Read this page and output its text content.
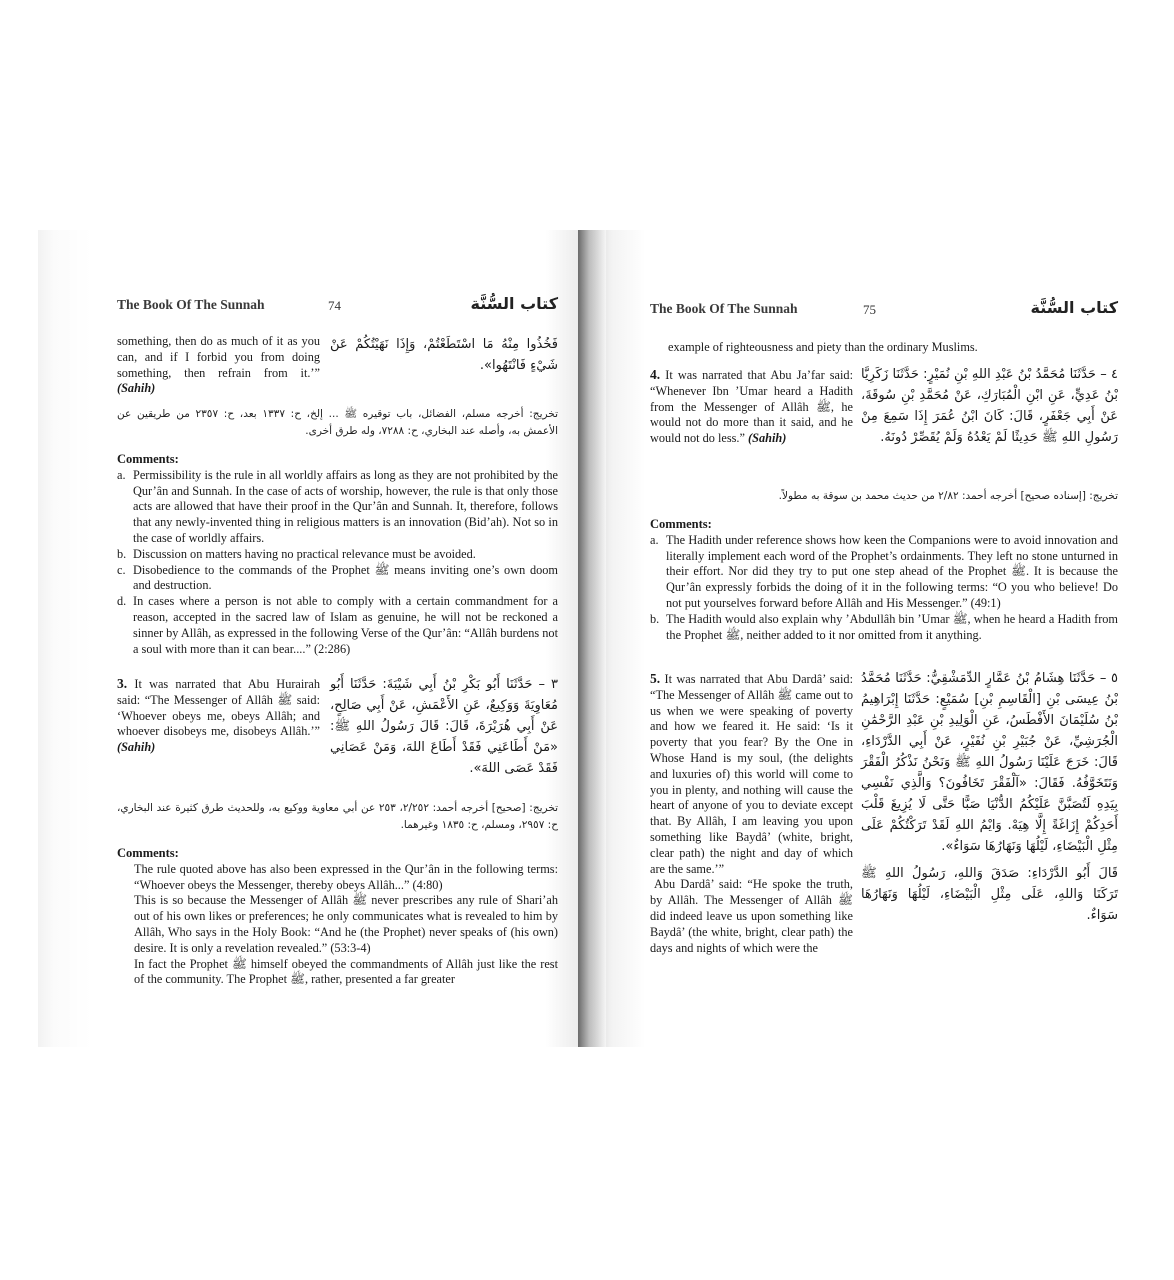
The Book Of The Sunnah	74	كتاب السُّنَّة
something, then do as much of it as you can, and if I forbid you from doing something, then refrain from it.’” (Sahih)
فَخُذُوا مِنْهُ مَا اسْتَطَعْتُمْ، وَإِذَا نَهَيْتُكُمْ عَنْ شَيْءٍ فَانْتَهُوا».
تخريج: أخرجه مسلم، الفضائل، باب توقيره ﷺ ... إلخ، ح: ١٣٣٧ بعد، ح: ٢٣٥٧ من طريقين عن الأعمش به، وأصله عند البخاري، ح: ٧٢٨٨، وله طرق أخرى.
Comments:
a. Permissibility is the rule in all worldly affairs as long as they are not prohibited by the Qur’ân and Sunnah. In the case of acts of worship, however, the rule is that only those acts are allowed that have their proof in the Qur’ân and Sunnah. It, therefore, follows that any newly-invented thing in religious matters is an innovation (Bid’ah). Not so in the case of worldly affairs.
b. Discussion on matters having no practical relevance must be avoided.
c. Disobedience to the commands of the Prophet ﷺ means inviting one’s own doom and destruction.
d. In cases where a person is not able to comply with a certain commandment for a reason, accepted in the sacred law of Islam as genuine, he will not be reckoned a sinner by Allâh, as expressed in the following Verse of the Qur’ân: “Allâh burdens not a soul with more than it can bear....” (2:286)
3. It was narrated that Abu Hurairah said: “The Messenger of Allâh ﷺ said: ‘Whoever obeys me, obeys Allâh; and whoever disobeys me, disobeys Allâh.’” (Sahih)
٣ – حَدَّثَنَا أَبُو بَكْرِ بْنُ أَبِي شَيْبَةَ: حَدَّثَنَا أَبُو مُعَاوِيَةَ وَوَكِيعٌ، عَنِ الأَعْمَشِ، عَنْ أَبِي صَالِحٍ، عَنْ أَبِي هُرَيْرَةَ، قَالَ: قَالَ رَسُولُ اللهِ ﷺ: «مَنْ أَطَاعَنِي فَقَدْ أَطَاعَ اللهَ، وَمَنْ عَصَانِي فَقَدْ عَصَى اللهَ».
تخريج: [صحيح] أخرجه أحمد: ٢/٢٥٢، ٢٥٣ عن أبي معاوية ووكيع به، وللحديث طرق كثيرة عند البخاري، ح: ٢٩٥٧، ومسلم، ح: ١٨٣٥ وغيرهما.
Comments:

The rule quoted above has also been expressed in the Qur’ân in the following terms: “Whoever obeys the Messenger, thereby obeys Allâh...” (4:80)

This is so because the Messenger of Allâh ﷺ never prescribes any rule of Shari’ah out of his own likes or preferences; he only communicates what is revealed to him by Allâh, Who says in the Holy Book: “And he (the Prophet) never speaks of (his own) desire. It is only a revelation revealed.” (53:3-4)

In fact the Prophet ﷺ himself obeyed the commandments of Allâh just like the rest of the community. The Prophet ﷺ, rather, presented a far greater

The Book Of The Sunnah	75	كتاب السُّنَّة
example of righteousness and piety than the ordinary Muslims.
4. It was narrated that Abu Ja’far said: “Whenever Ibn ’Umar heard a Hadith from the Messenger of Allâh ﷺ, he would not do more than it said, and he would not do less.” (Sahih)
٤ – حَدَّثَنَا مُحَمَّدُ بْنُ عَبْدِ اللهِ بْنِ نُمَيْرٍ: حَدَّثَنَا زَكَرِيَّا بْنُ عَدِيٍّ، عَنِ ابْنِ الْمُبَارَكِ، عَنْ مُحَمَّدِ بْنِ سُوقَةَ، عَنْ أَبِي جَعْفَرٍ، قَالَ: كَانَ ابْنُ عُمَرَ إِذَا سَمِعَ مِنْ رَسُولِ اللهِ ﷺ حَدِيثًا لَمْ يَعْدُهُ وَلَمْ يُقَصِّرْ دُونَهُ.
تخريج: [إسناده صحيح] أخرجه أحمد: ٢/٨٢ من حديث محمد بن سوقة به مطولاً.
Comments:
a. The Hadith under reference shows how keen the Companions were to avoid innovation and literally implement each word of the Prophet’s ordainments. They left no stone unturned in their effort. Nor did they try to put one step ahead of the Prophet ﷺ. It is because the Qur’ân expressly forbids the doing of it in the following terms: “O you who believe! Do not put yourselves forward before Allâh and His Messenger.” (49:1)
b. The Hadith would also explain why ’Abdullâh bin ’Umar ﷺ, when he heard a Hadith from the Prophet ﷺ, neither added to it nor omitted from it anything.

5. It was narrated that Abu Dardâ’ said: “The Messenger of Allâh ﷺ came out to us when we were speaking of poverty and how we feared it. He said: ‘Is it poverty that you fear? By the One in Whose Hand is my soul, (the delights and luxuries of) this world will come to you in plenty, and nothing will cause the heart of anyone of you to deviate except that. By Allâh, I am leaving you upon something like Baydâ’ (white, bright, clear path) the night and day of which are the same.’”

Abu Dardâ’ said: “He spoke the truth, by Allâh. The Messenger of Allâh ﷺ did indeed leave us upon something like Baydâ’ (the white, bright, clear path) the days and nights of which were the

٥ – حَدَّثَنَا هِشَامُ بْنُ عَمَّارٍ الدِّمَشْقِيُّ: حَدَّثَنَا مُحَمَّدُ بْنُ عِيسَى بْنِ [الْقَاسِمِ بْنِ] سُمَيْعٍ: حَدَّثَنَا إِبْرَاهِيمُ بْنُ سُلَيْمَانَ الأَفْطَسُ، عَنِ الْوَلِيدِ بْنِ عَبْدِ الرَّحْمَٰنِ الْجُرَشِيِّ، عَنْ جُبَيْرِ بْنِ نُفَيْرٍ، عَنْ أَبِي الدَّرْدَاءِ، قَالَ: خَرَجَ عَلَيْنَا رَسُولُ اللهِ ﷺ وَنَحْنُ نَذْكُرُ الْفَقْرَ وَنَتَخَوَّفُهُ. فَقَالَ: «آلْفَقْرَ تَخَافُونَ؟ وَالَّذِي نَفْسِي بِيَدِهِ لَتُصَبَّنَّ عَلَيْكُمُ الدُّنْيَا صَبًّا حَتَّى لَا يُزِيغَ قَلْبَ أَحَدِكُمْ إِزَاغَةً إِلَّا هِيَهْ. وَايْمُ اللهِ لَقَدْ تَرَكْتُكُمْ عَلَى مِثْلِ الْبَيْضَاءِ، لَيْلُهَا وَنَهَارُهَا سَوَاءٌ».
قَالَ أَبُو الدَّرْدَاءِ: صَدَقَ وَاللهِ، رَسُولُ اللهِ ﷺ تَرَكَنَا وَاللهِ، عَلَى مِثْلِ الْبَيْضَاءِ، لَيْلُهَا وَنَهَارُهَا سَوَاءٌ.
